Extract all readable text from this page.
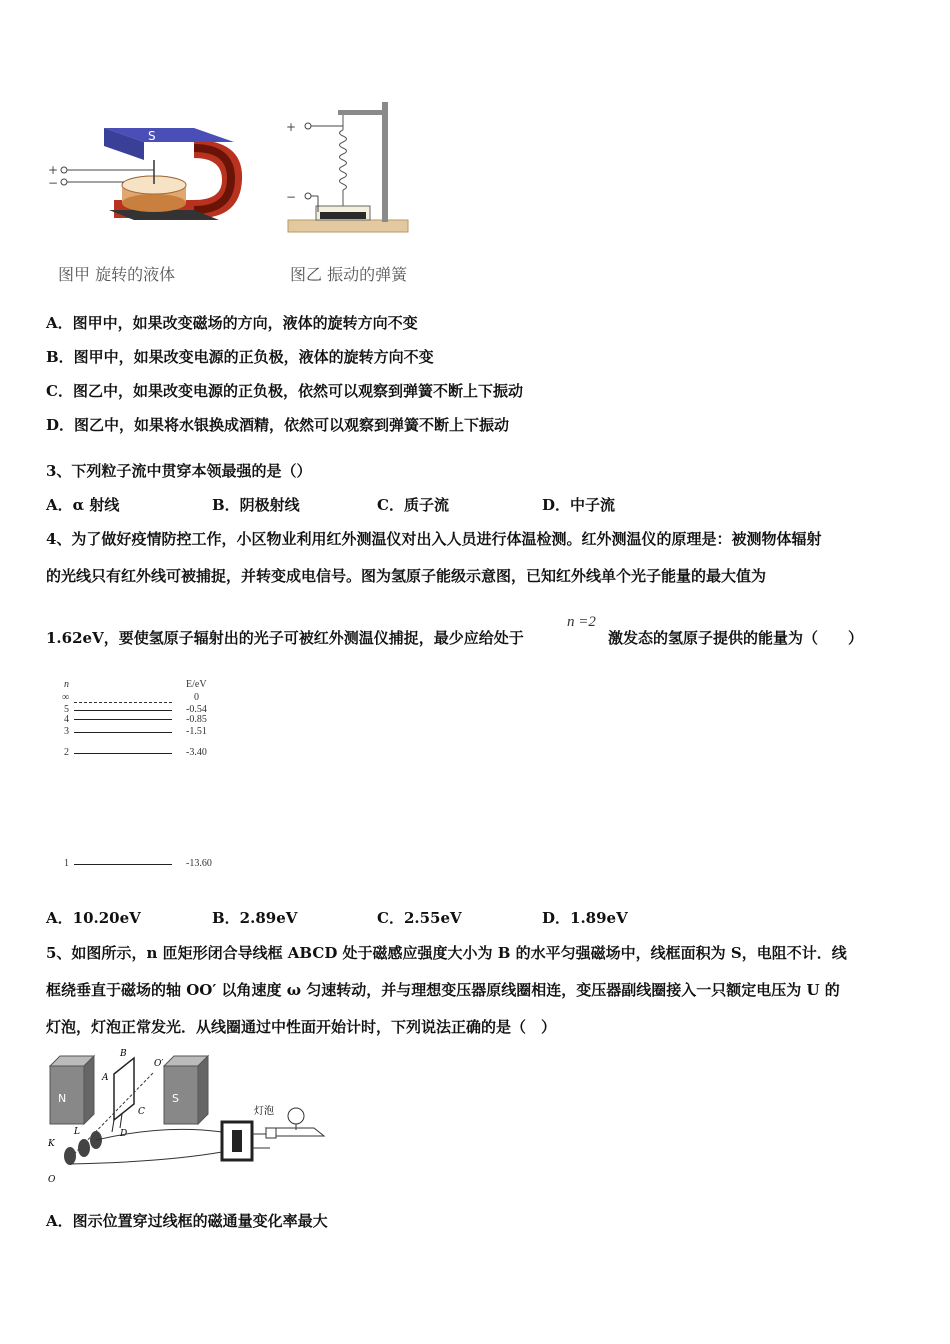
S
+
−
+
−
图甲 旋转的液体	图乙 振动的弹簧
A．图甲中，如果改变磁场的方向，液体的旋转方向不变
B．图甲中，如果改变电源的正负极，液体的旋转方向不变
C．图乙中，如果改变电源的正负极，依然可以观察到弹簧不断上下振动
D．图乙中，如果将水银换成酒精，依然可以观察到弹簧不断上下振动
3、下列粒子流中贯穿本领最强的是（）
A．α 射线	B．阴极射线	C．质子流	D．中子流
4、为了做好疫情防控工作，小区物业利用红外测温仪对出入人员进行体温检测。红外测温仪的原理是：被测物体辐射
的光线只有红外线可被捕捉，并转变成电信号。图为氢原子能级示意图，已知红外线单个光子能量的最大值为
1.62eV，要使氢原子辐射出的光子可被红外测温仪捕捉，最少应给处于
n =2
激发态的氢原子提供的能量为（　　）
n	E/eV
∞	0
5	-0.54
4	-0.85
3	-1.51
2	-3.40
1	-13.60
A．10.20eV	B．2.89eV	C．2.55eV	D．1.89eV
5、如图所示，n 匝矩形闭合导线框 ABCD 处于磁感应强度大小为 B 的水平匀强磁场中，线框面积为 S，电阻不计．线
框绕垂直于磁场的轴 OO′ 以角速度 ω 匀速转动，并与理想变压器原线圈相连，变压器副线圈接入一只额定电压为 U 的
灯泡，灯泡正常发光．从线圈通过中性面开始计时，下列说法正确的是（　）
N	S
A
B
C
D
O′
L
K
O
灯泡
A．图示位置穿过线框的磁通量变化率最大
